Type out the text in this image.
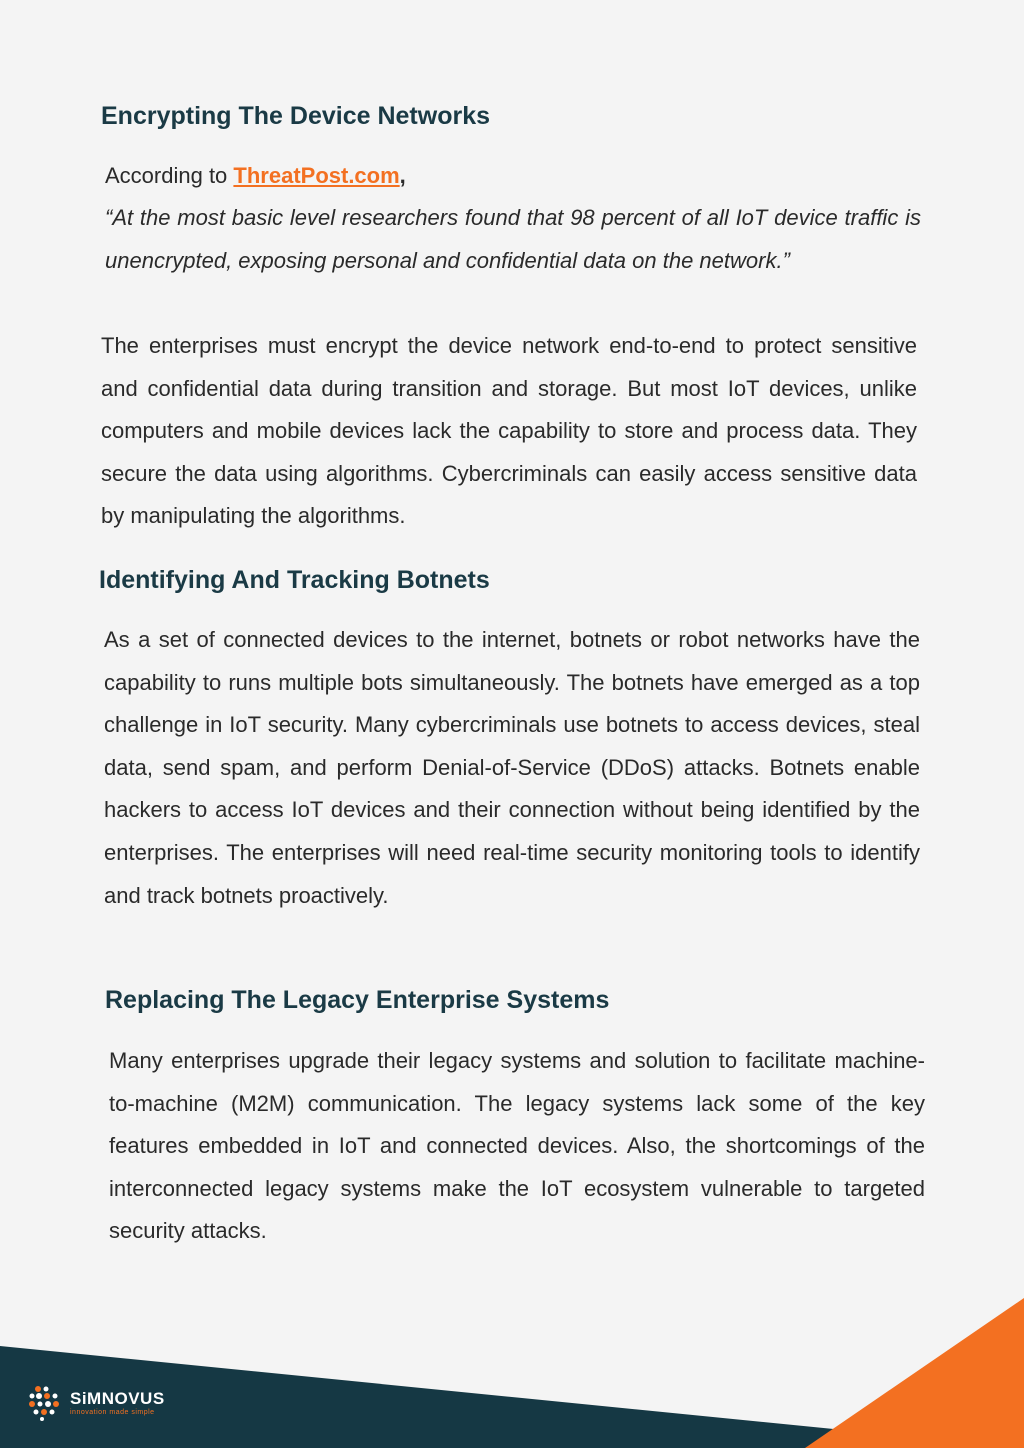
Encrypting The Device Networks

According to ThreatPost.com,

“At the most basic level researchers found that 98 percent of all IoT device traffic is unencrypted, exposing personal and confidential data on the network.”

The enterprises must encrypt the device network end-to-end to protect sensitive and confidential data during transition and storage. But most IoT devices, unlike computers and mobile devices lack the capability to store and process data. They secure the data using algorithms. Cybercriminals can easily access sensitive data by manipulating the algorithms.

Identifying And Tracking Botnets

As a set of connected devices to the internet, botnets or robot networks have the capability to runs multiple bots simultaneously. The botnets have emerged as a top challenge in IoT security. Many cybercriminals use botnets to access devices, steal data, send spam, and perform Denial-of-Service (DDoS) attacks. Botnets enable hackers to access IoT devices and their connection without being identified by the enterprises. The enterprises will need real-time security monitoring tools to identify and track botnets proactively.

Replacing The Legacy Enterprise Systems

Many enterprises upgrade their legacy systems and solution to facilitate machine-to-machine (M2M) communication. The legacy systems lack some of the key features embedded in IoT and connected devices. Also, the shortcomings of the interconnected legacy systems make the IoT ecosystem vulnerable to targeted security attacks.

SiMNOVUS
innovation made simple
